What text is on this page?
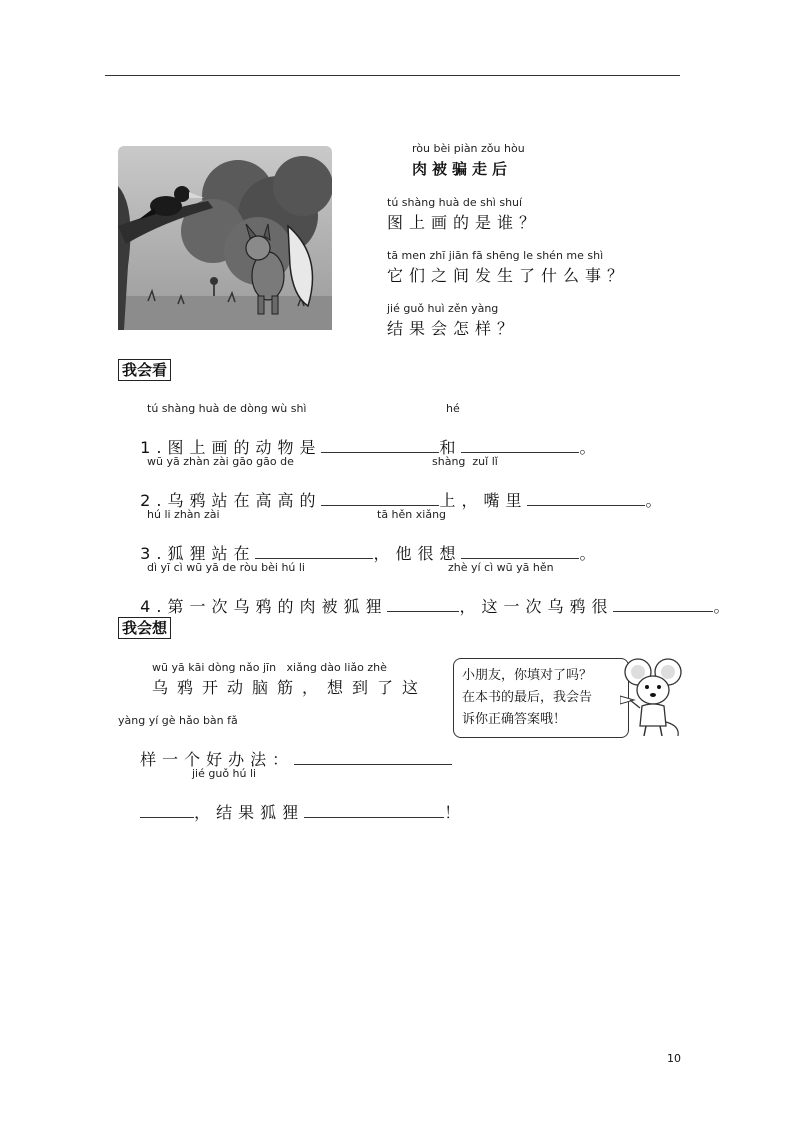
ròu bèi piàn zǒu hòu
肉被骗走后
tú shàng huà de shì shuí
图上画的是谁？
tā men zhī jiān fā shēng le shén me shì
它们之间发生了什么事？
jié guǒ huì zěn yàng
结果会怎样？
我会看
tú shàng huà de dòng wù shì	hé

1.图上画的动物是	和	。

wū yā zhàn zài gāo gāo de	shàng  zuǐ lǐ

2.乌鸦站在高高的	上，嘴里	。

hú li zhàn zài	tā hěn xiǎng

3.狐狸站在	，他很想	。

dì yī cì wū yā de ròu bèi hú li	zhè yí cì wū yā hěn

4.第一次乌鸦的肉被狐狸	，这一次乌鸦很	。

我会想
wū yā kāi dòng nǎo jīn   xiǎng dào liǎo zhè
乌鸦开动脑筋，想到了这
yàng yí gè hǎo bàn fǎ

样一个好办法：

jié guǒ hú li

，结果狐狸	！

小朋友，你填对了吗？
在本书的最后，我会告
诉你正确答案哦！
10
